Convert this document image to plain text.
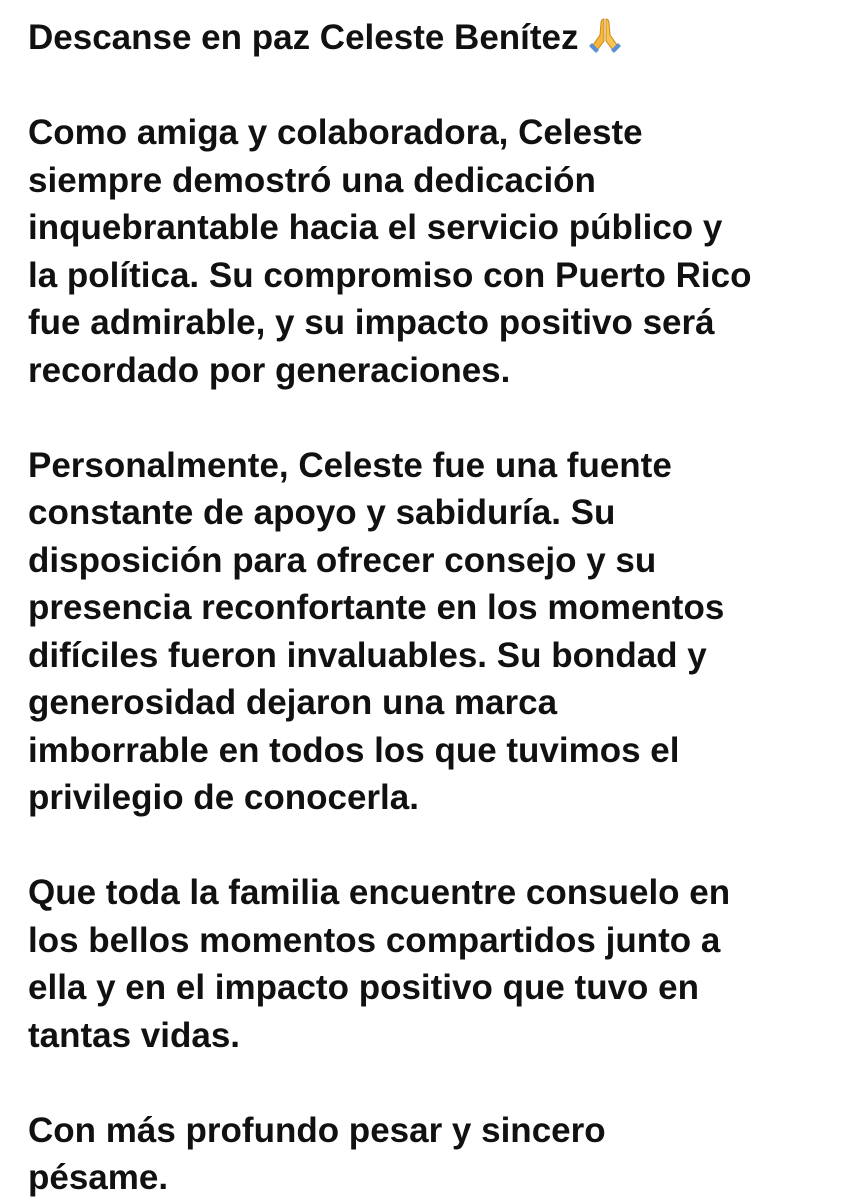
Descanse en paz Celeste Benítez
Como amiga y colaboradora, Celeste
siempre demostró una dedicación
inquebrantable hacia el servicio público y
la política. Su compromiso con Puerto Rico
fue admirable, y su impacto positivo será
recordado por generaciones.
Personalmente, Celeste fue una fuente
constante de apoyo y sabiduría. Su
disposición para ofrecer consejo y su
presencia reconfortante en los momentos
difíciles fueron invaluables. Su bondad y
generosidad dejaron una marca
imborrable en todos los que tuvimos el
privilegio de conocerla.
Que toda la familia encuentre consuelo en
los bellos momentos compartidos junto a
ella y en el impacto positivo que tuvo en
tantas vidas.
Con más profundo pesar y sincero
pésame.
